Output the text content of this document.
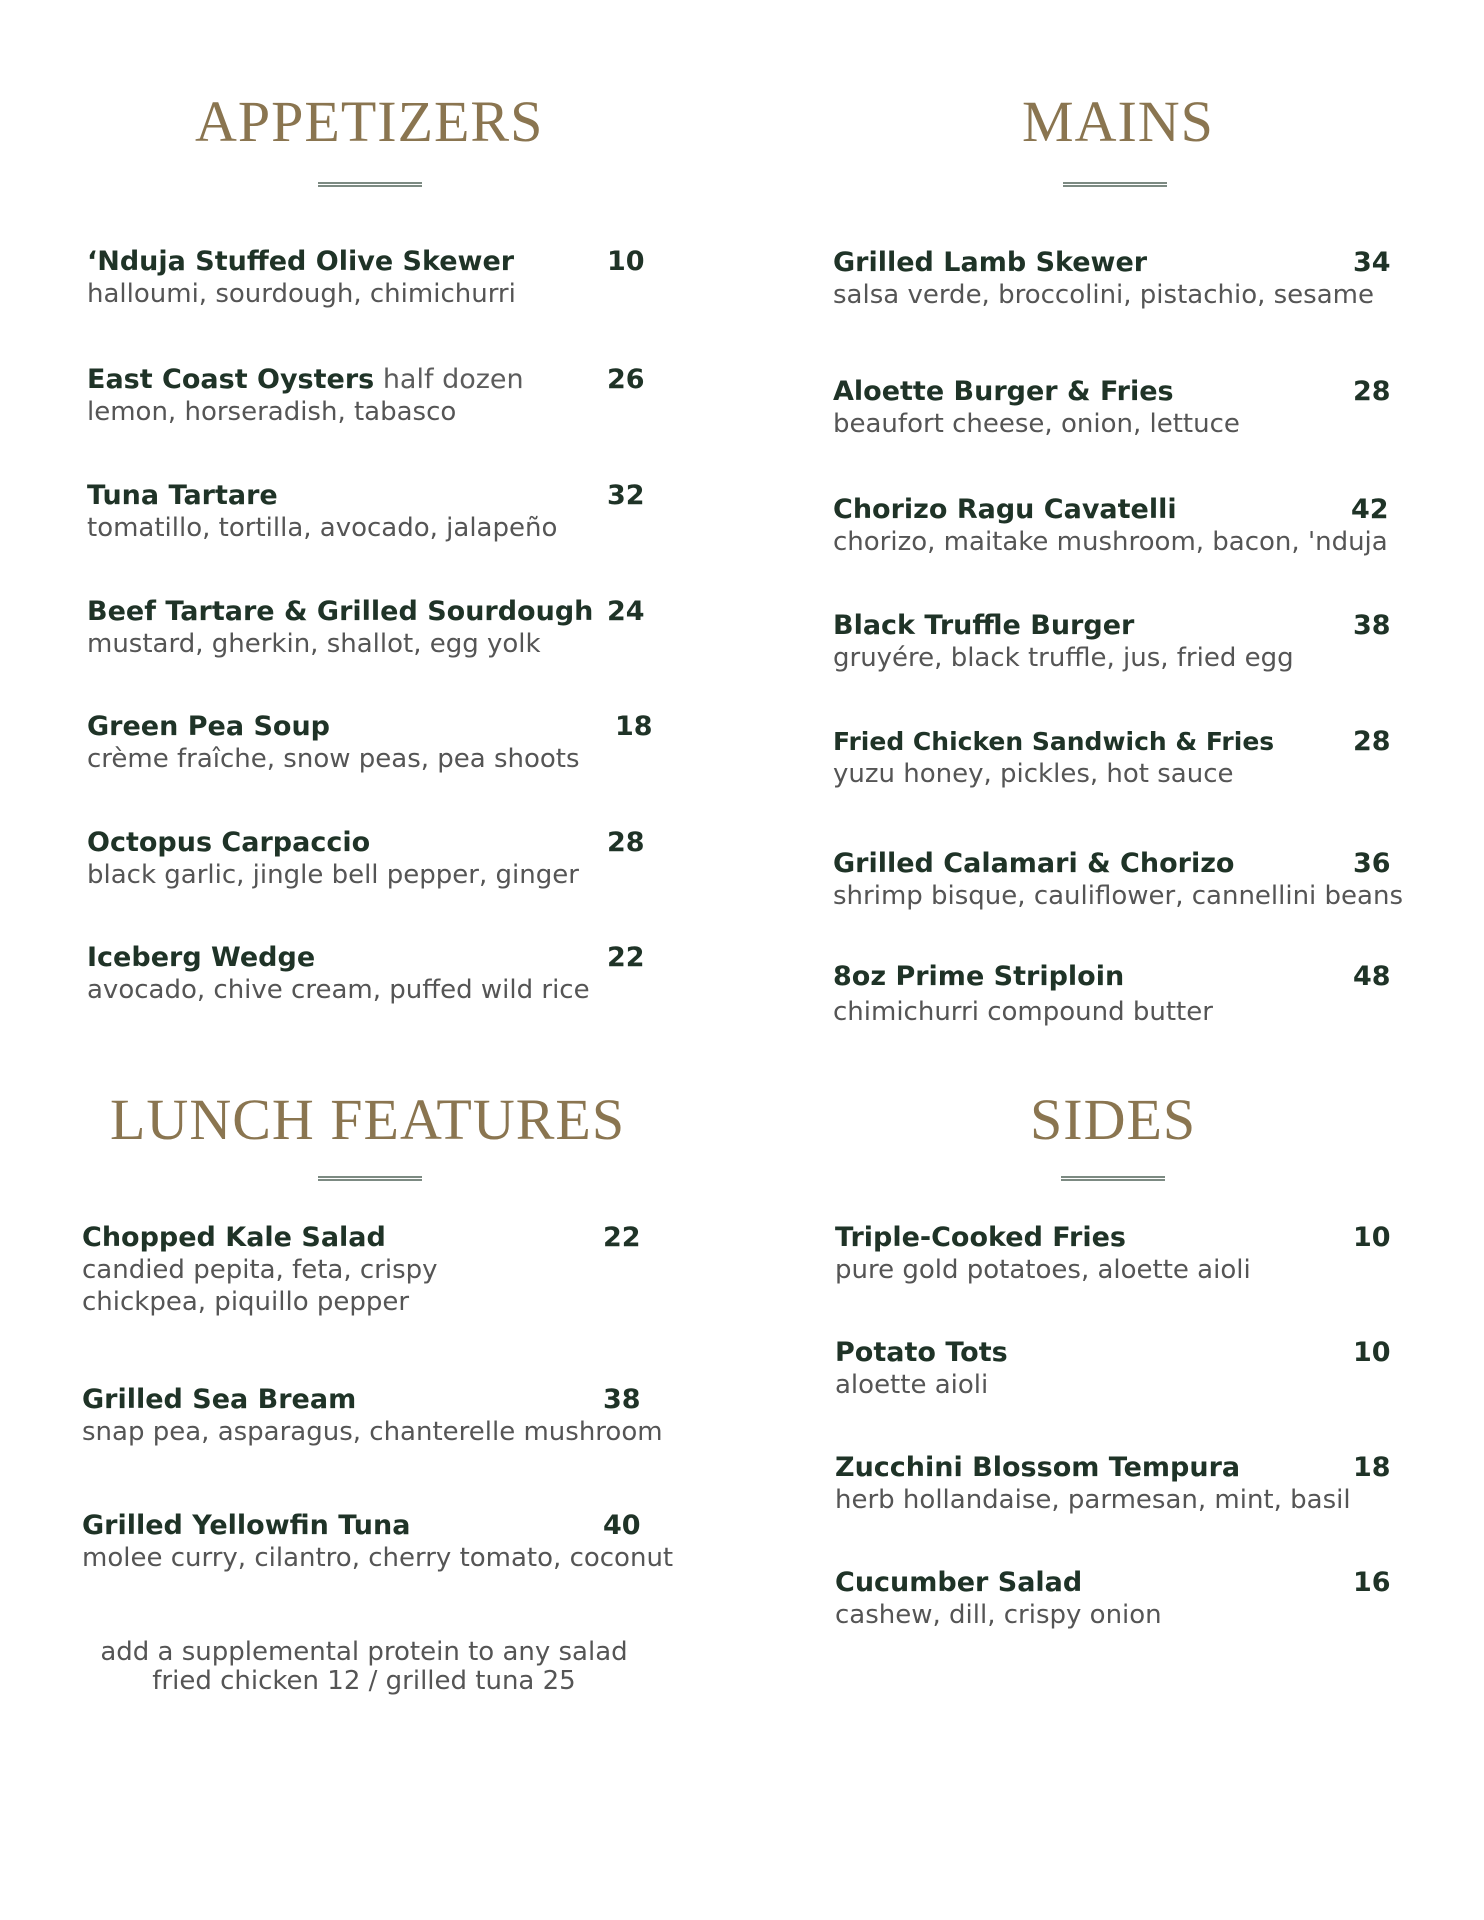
APPETIZERS
‘Nduja Stuffed Olive Skewer
halloumi, sourdough, chimichurri
10
East Coast Oysters half dozen
lemon, horseradish, tabasco
26
Tuna Tartare
tomatillo, tortilla, avocado, jalapeño
32
Beef Tartare & Grilled Sourdough
mustard, gherkin, shallot, egg yolk
24
Green Pea Soup
crème fraîche, snow peas, pea shoots
18
Octopus Carpaccio
black garlic, jingle bell pepper, ginger
28
Iceberg Wedge
avocado, chive cream, puffed wild rice
22
MAINS
Grilled Lamb Skewer
salsa verde, broccolini, pistachio, sesame
34
Aloette Burger & Fries
beaufort cheese, onion, lettuce
28
Chorizo Ragu Cavatelli
chorizo, maitake mushroom, bacon, 'nduja
42
Black Truffle Burger
gruyére, black truffle, jus, fried egg
38
Fried Chicken Sandwich & Fries
yuzu honey, pickles, hot sauce
28
Grilled Calamari & Chorizo
shrimp bisque, cauliflower, cannellini beans
36
8oz Prime Striploin
chimichurri compound butter
48
LUNCH FEATURES
Chopped Kale Salad
candied pepita, feta, crispy chickpea, piquillo pepper
22
Grilled Sea Bream
snap pea, asparagus, chanterelle mushroom
38
Grilled Yellowfin Tuna
molee curry, cilantro, cherry tomato, coconut
40
add a supplemental protein to any salad
fried chicken 12 / grilled tuna 25
SIDES
Triple-Cooked Fries
pure gold potatoes, aloette aioli
10
Potato Tots
aloette aioli
10
Zucchini Blossom Tempura
herb hollandaise, parmesan, mint, basil
18
Cucumber Salad
cashew, dill, crispy onion
16
